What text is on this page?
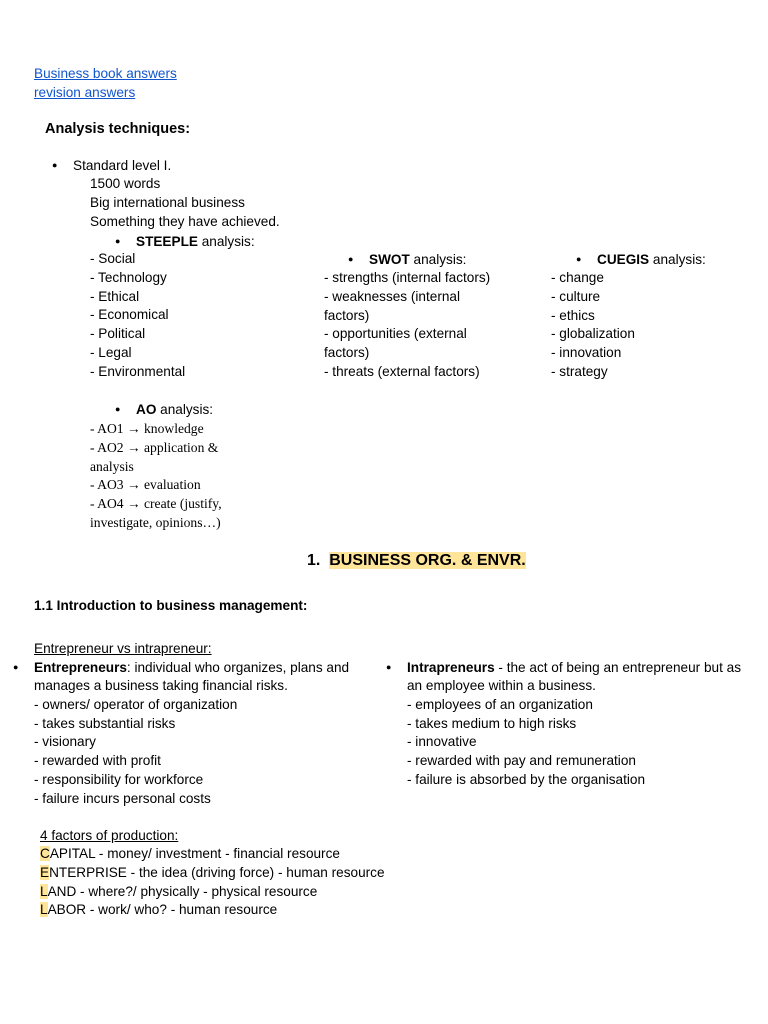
Business book answers
revision answers
Analysis techniques:
● Standard level I.
1500 words
Big international business
Something they have achieved.
● STEEPLE analysis:
- Social
- Technology
- Ethical
- Economical
- Political
- Legal
- Environmental
● SWOT analysis:
- strengths (internal factors)
- weaknesses (internal
factors)
- opportunities (external
factors)
- threats (external factors)
● CUEGIS analysis:
- change
- culture
- ethics
- globalization
- innovation
- strategy
● AO analysis:
- AO1 → knowledge
- AO2 → application &
analysis
- AO3 → evaluation
- AO4 → create (justify,
investigate, opinions…)
1. BUSINESS ORG. & ENVR.
1.1 Introduction to business management:
Entrepreneur vs intrapreneur:
● Entrepreneurs: individual who organizes, plans and
manages a business taking financial risks.
- owners/ operator of organization
- takes substantial risks
- visionary
- rewarded with profit
- responsibility for workforce
- failure incurs personal costs
● Intrapreneurs - the act of being an entrepreneur but as
an employee within a business.
- employees of an organization
- takes medium to high risks
- innovative
- rewarded with pay and remuneration
- failure is absorbed by the organisation
4 factors of production:
CAPITAL - money/ investment - financial resource
ENTERPRISE - the idea (driving force) - human resource
LAND - where?/ physically - physical resource
LABOR - work/ who? - human resource
